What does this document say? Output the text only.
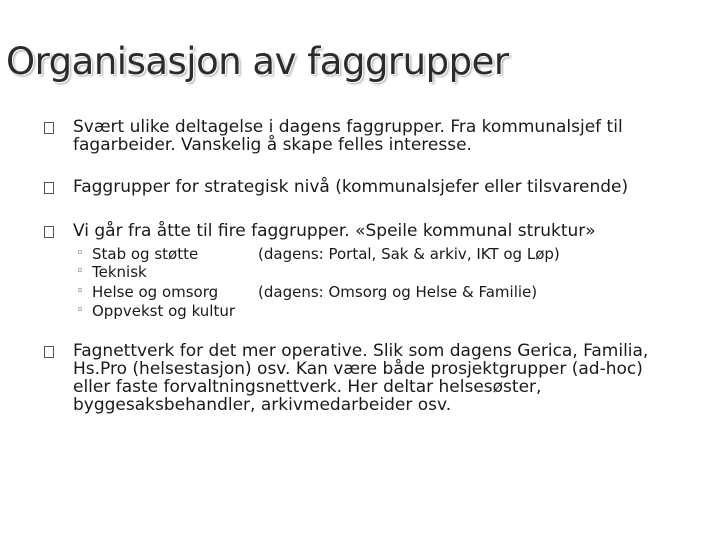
Organisasjon av faggrupper
Svært ulike deltagelse i dagens faggrupper. Fra kommunalsjef til fagarbeider. Vanskelig å skape felles interesse.
Faggrupper for strategisk nivå (kommunalsjefer eller tilsvarende)
Vi går fra åtte til fire faggrupper. «Speile kommunal struktur»
◦ Stab og støtte	(dagens: Portal, Sak & arkiv, IKT og Løp)
◦ Teknisk
◦ Helse og omsorg	(dagens: Omsorg og Helse & Familie)
◦ Oppvekst og kultur
Fagnettverk for det mer operative. Slik som dagens Gerica, Familia, Hs.Pro (helsestasjon) osv. Kan være både prosjektgrupper (ad-hoc) eller faste forvaltningsnettverk. Her deltar helsesøster, byggesaksbehandler, arkivmedarbeider osv.
